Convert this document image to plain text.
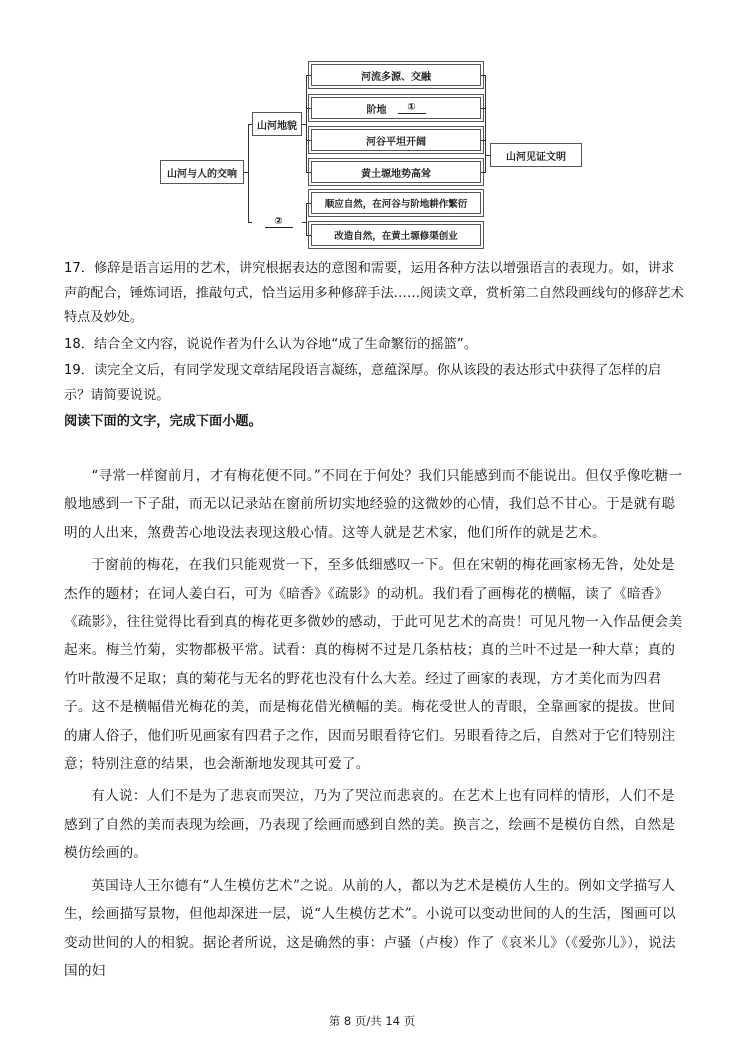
山河与人的交响
山河地貌
②
河流多源、交融
阶地	①
河谷平坦开阔
黄土塬地势高耸
顺应自然，在河谷与阶地耕作繁衍
改造自然，在黄土塬修渠创业
山河见证文明

17．修辞是语言运用的艺术，讲究根据表达的意图和需要，运用各种方法以增强语言的表现力。如，讲求声韵配合，锤炼词语，推敲句式，恰当运用多种修辞手法……阅读文章，赏析第二自然段画线句的修辞艺术特点及妙处。

18．结合全文内容，说说作者为什么认为谷地“成了生命繁衍的摇篮”。

19．读完全文后，有同学发现文章结尾段语言凝练，意蕴深厚。你从该段的表达形式中获得了怎样的启示？请简要说说。

阅读下面的文字，完成下面小题。

“寻常一样窗前月，才有梅花便不同。”不同在于何处？我们只能感到而不能说出。但仅乎像吃糖一般地感到一下子甜，而无以记录站在窗前所切实地经验的这微妙的心情，我们总不甘心。于是就有聪明的人出来，煞费苦心地设法表现这般心情。这等人就是艺术家，他们所作的就是艺术。

于窗前的梅花，在我们只能观赏一下，至多低细感叹一下。但在宋朝的梅花画家杨无咎，处处是杰作的题材；在词人姜白石，可为《暗香》《疏影》的动机。我们看了画梅花的横幅，读了《暗香》《疏影》，往往觉得比看到真的梅花更多微妙的感动，于此可见艺术的高贵！可见凡物一入作品便会美起来。梅兰竹菊，实物都极平常。试看：真的梅树不过是几条枯枝；真的兰叶不过是一种大草；真的竹叶散漫不足取；真的菊花与无名的野花也没有什么大差。经过了画家的表现，方才美化而为四君子。这不是横幅借光梅花的美，而是梅花借光横幅的美。梅花受世人的青眼，全靠画家的提拔。世间的庸人俗子，他们听见画家有四君子之作，因而另眼看待它们。另眼看待之后，自然对于它们特别注意；特别注意的结果，也会渐渐地发现其可爱了。

有人说：人们不是为了悲哀而哭泣，乃为了哭泣而悲哀的。在艺术上也有同样的情形，人们不是感到了自然的美而表现为绘画，乃表现了绘画而感到自然的美。换言之，绘画不是模仿自然，自然是模仿绘画的。

英国诗人王尔德有“人生模仿艺术”之说。从前的人，都以为艺术是模仿人生的。例如文学描写人生，绘画描写景物，但他却深进一层，说“人生模仿艺术”。小说可以变动世间的人的生活，图画可以变动世间的人的相貌。据论者所说，这是确然的事：卢骚（卢梭）作了《哀米儿》（《爱弥儿》），说法国的妇

第 8 页/共 14 页
